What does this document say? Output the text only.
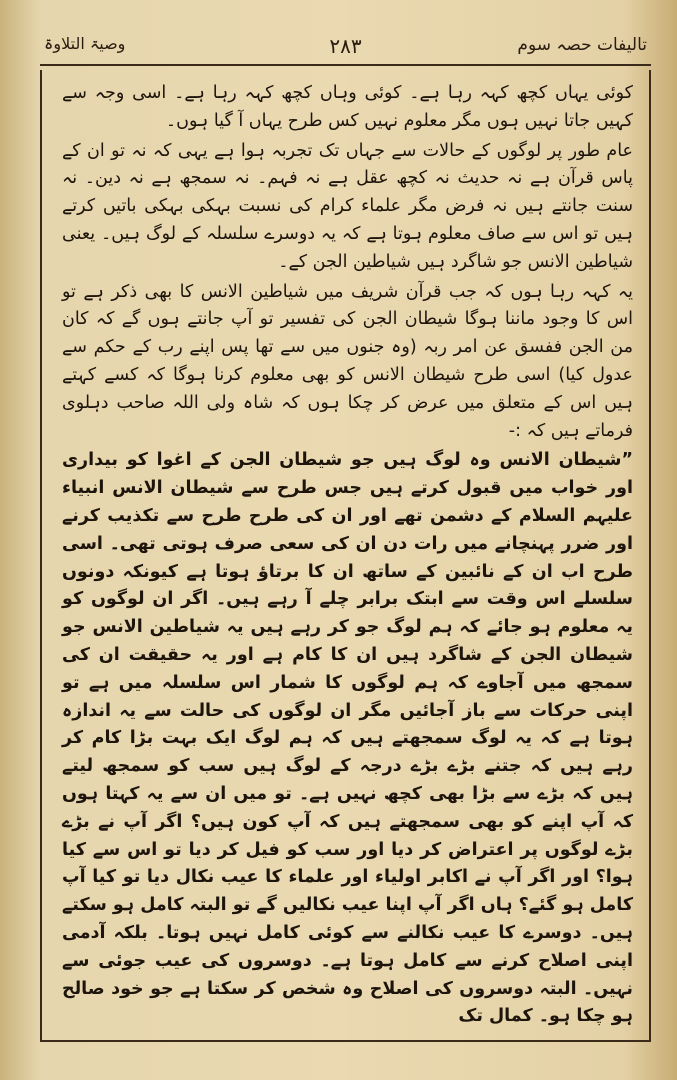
تالیفات حصہ سوم
۲۸۳
وصیۃ التلاوۃ

کوئی یہاں کچھ کہہ رہا ہے۔ کوئی وہاں کچھ کہہ رہا ہے۔ اسی وجہ سے کہیں جاتا نہیں ہوں مگر معلوم نہیں کس طرح یہاں آ گیا ہوں۔

عام طور پر لوگوں کے حالات سے جہاں تک تجربہ ہوا ہے یہی کہ نہ تو ان کے پاس قرآن ہے نہ حدیث نہ کچھ عقل ہے نہ فہم۔ نہ سمجھ ہے نہ دین۔ نہ سنت جانتے ہیں نہ فرض مگر علماء کرام کی نسبت بہکی بہکی باتیں کرتے ہیں تو اس سے صاف معلوم ہوتا ہے کہ یہ دوسرے سلسلہ کے لوگ ہیں۔ یعنی شیاطین الانس جو شاگرد ہیں شیاطین الجن کے۔

یہ کہہ رہا ہوں کہ جب قرآن شریف میں شیاطین الانس کا بھی ذکر ہے تو اس کا وجود ماننا ہوگا شیطان الجن کی تفسیر تو آپ جانتے ہوں گے کہ کان من الجن ففسق عن امر ربہ (وہ جنوں میں سے تھا پس اپنے رب کے حکم سے عدول کیا) اسی طرح شیطان الانس کو بھی معلوم کرنا ہوگا کہ کسے کہتے ہیں اس کے متعلق میں عرض کر چکا ہوں کہ شاہ ولی اللہ صاحب دہلوی فرماتے ہیں کہ :-

”شیطان الانس وہ لوگ ہیں جو شیطان الجن کے اغوا کو بیداری اور خواب میں قبول کرتے ہیں جس طرح سے شیطان الانس انبیاء علیہم السلام کے دشمن تھے اور ان کی طرح طرح سے تکذیب کرنے اور ضرر پہنچانے میں رات دن ان کی سعی صرف ہوتی تھی۔ اسی طرح اب ان کے نائبین کے ساتھ ان کا برتاؤ ہوتا ہے کیونکہ دونوں سلسلے اس وقت سے ابتک برابر چلے آ رہے ہیں۔ اگر ان لوگوں کو یہ معلوم ہو جائے کہ ہم لوگ جو کر رہے ہیں یہ شیاطین الانس جو شیطان الجن کے شاگرد ہیں ان کا کام ہے اور یہ حقیقت ان کی سمجھ میں آجاوے کہ ہم لوگوں کا شمار اس سلسلہ میں ہے تو اپنی حرکات سے باز آجائیں مگر ان لوگوں کی حالت سے یہ اندازہ ہوتا ہے کہ یہ لوگ سمجھتے ہیں کہ ہم لوگ ایک بہت بڑا کام کر رہے ہیں کہ جتنے بڑے بڑے درجہ کے لوگ ہیں سب کو سمجھ لیتے ہیں کہ بڑے سے بڑا بھی کچھ نہیں ہے۔ تو میں ان سے یہ کہتا ہوں کہ آپ اپنے کو بھی سمجھتے ہیں کہ آپ کون ہیں؟ اگر آپ نے بڑے بڑے لوگوں پر اعتراض کر دیا اور سب کو فیل کر دیا تو اس سے کیا ہوا؟ اور اگر آپ نے اکابر اولیاء اور علماء کا عیب نکال دیا تو کیا آپ کامل ہو گئے؟ ہاں اگر آپ اپنا عیب نکالیں گے تو البتہ کامل ہو سکتے ہیں۔ دوسرے کا عیب نکالنے سے کوئی کامل نہیں ہوتا۔ بلکہ آدمی اپنی اصلاح کرنے سے کامل ہوتا ہے۔ دوسروں کی عیب جوئی سے نہیں۔ البتہ دوسروں کی اصلاح وہ شخص کر سکتا ہے جو خود صالح ہو چکا ہو۔ کمال تک
